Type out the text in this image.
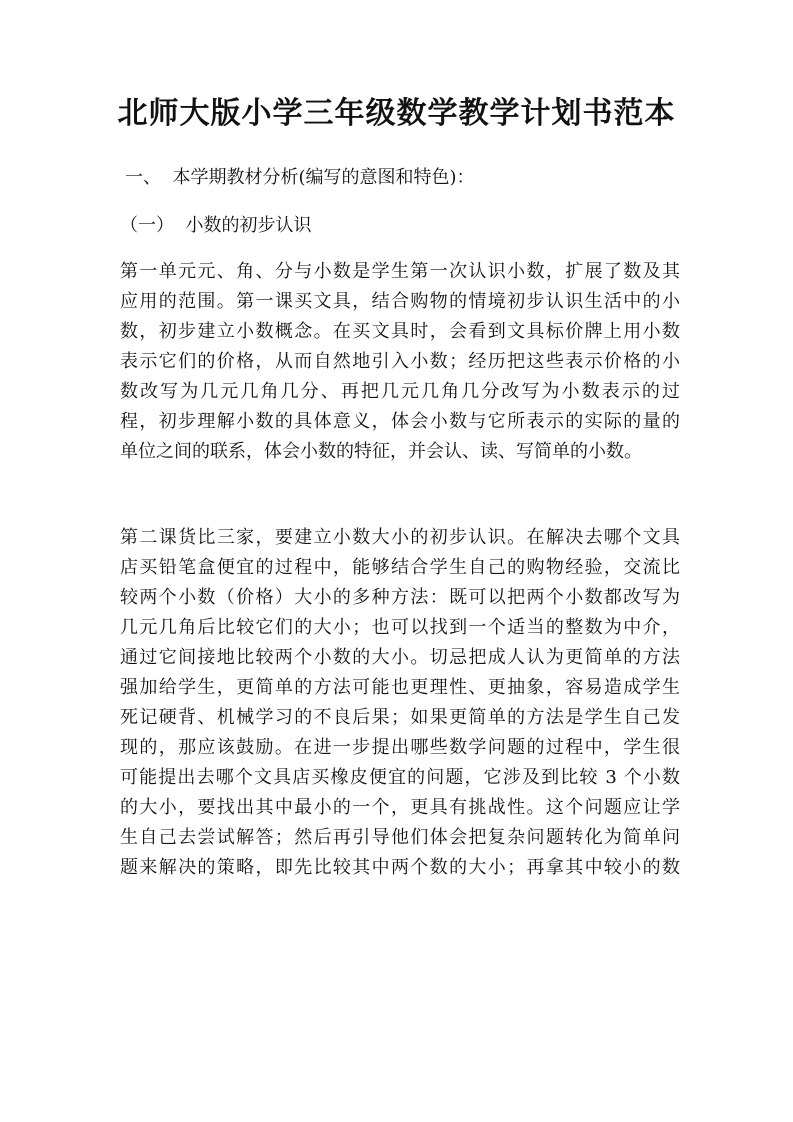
北师大版小学三年级数学教学计划书范本
一、  本学期教材分析(编写的意图和特色)：
（一）  小数的初步认识
第一单元元、角、分与小数是学生第一次认识小数，扩展了数及其
应用的范围。第一课买文具，结合购物的情境初步认识生活中的小
数，初步建立小数概念。在买文具时，会看到文具标价牌上用小数
表示它们的价格，从而自然地引入小数；经历把这些表示价格的小
数改写为几元几角几分、再把几元几角几分改写为小数表示的过
程，初步理解小数的具体意义，体会小数与它所表示的实际的量的
单位之间的联系，体会小数的特征，并会认、读、写简单的小数。
第二课货比三家，要建立小数大小的初步认识。在解决去哪个文具
店买铅笔盒便宜的过程中，能够结合学生自己的购物经验，交流比
较两个小数（价格）大小的多种方法：既可以把两个小数都改写为
几元几角后比较它们的大小；也可以找到一个适当的整数为中介，
通过它间接地比较两个小数的大小。切忌把成人认为更简单的方法
强加给学生，更简单的方法可能也更理性、更抽象，容易造成学生
死记硬背、机械学习的不良后果；如果更简单的方法是学生自己发
现的，那应该鼓励。在进一步提出哪些数学问题的过程中，学生很
可能提出去哪个文具店买橡皮便宜的问题，它涉及到比较 3 个小数
的大小，要找出其中最小的一个，更具有挑战性。这个问题应让学
生自己去尝试解答；然后再引导他们体会把复杂问题转化为简单问
题来解决的策略，即先比较其中两个数的大小；再拿其中较小的数
